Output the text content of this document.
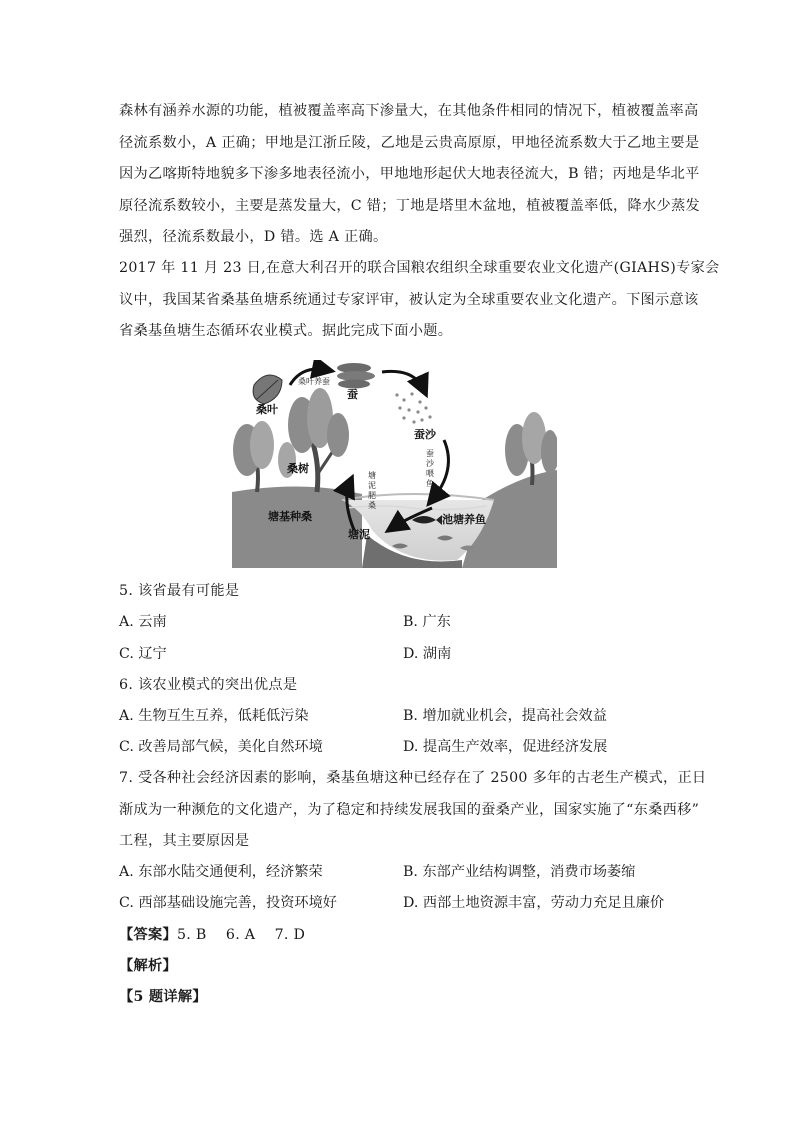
森林有涵养水源的功能，植被覆盖率高下渗量大，在其他条件相同的情况下，植被覆盖率高
径流系数小，A 正确；甲地是江浙丘陵，乙地是云贵高原原，甲地径流系数大于乙地主要是
因为乙喀斯特地貌多下渗多地表径流小，甲地地形起伏大地表径流大，B 错；丙地是华北平
原径流系数较小，主要是蒸发量大，C 错；丁地是塔里木盆地，植被覆盖率低，降水少蒸发
强烈，径流系数最小，D 错。选 A 正确。
2017 年 11 月 23 日,在意大利召开的联合国粮农组织全球重要农业文化遗产(GIAHS)专家会
议中，我国某省桑基鱼塘系统通过专家评审，被认定为全球重要农业文化遗产。下图示意该
省桑基鱼塘生态循环农业模式。据此完成下面小题。
桑叶
桑叶养蚕
蚕
蚕沙
蚕
沙
喂
鱼
桑树
塘
泥
肥
桑
池塘养鱼
塘泥
塘基种桑
5. 该省最有可能是
A. 云南	B. 广东
C. 辽宁	D. 湖南
6. 该农业模式的突出优点是
A. 生物互生互养，低耗低污染	B. 增加就业机会，提高社会效益
C. 改善局部气候，美化自然环境	D. 提高生产效率，促进经济发展
7. 受各种社会经济因素的影响，桑基鱼塘这种已经存在了 2500 多年的古老生产模式，正日
渐成为一种濒危的文化遗产，为了稳定和持续发展我国的蚕桑产业，国家实施了“东桑西移”
工程，其主要原因是
A. 东部水陆交通便利，经济繁荣	B. 东部产业结构调整，消费市场萎缩
C. 西部基础设施完善，投资环境好	D. 西部土地资源丰富，劳动力充足且廉价
【答案】5. B    6. A    7. D
【解析】
【5 题详解】
